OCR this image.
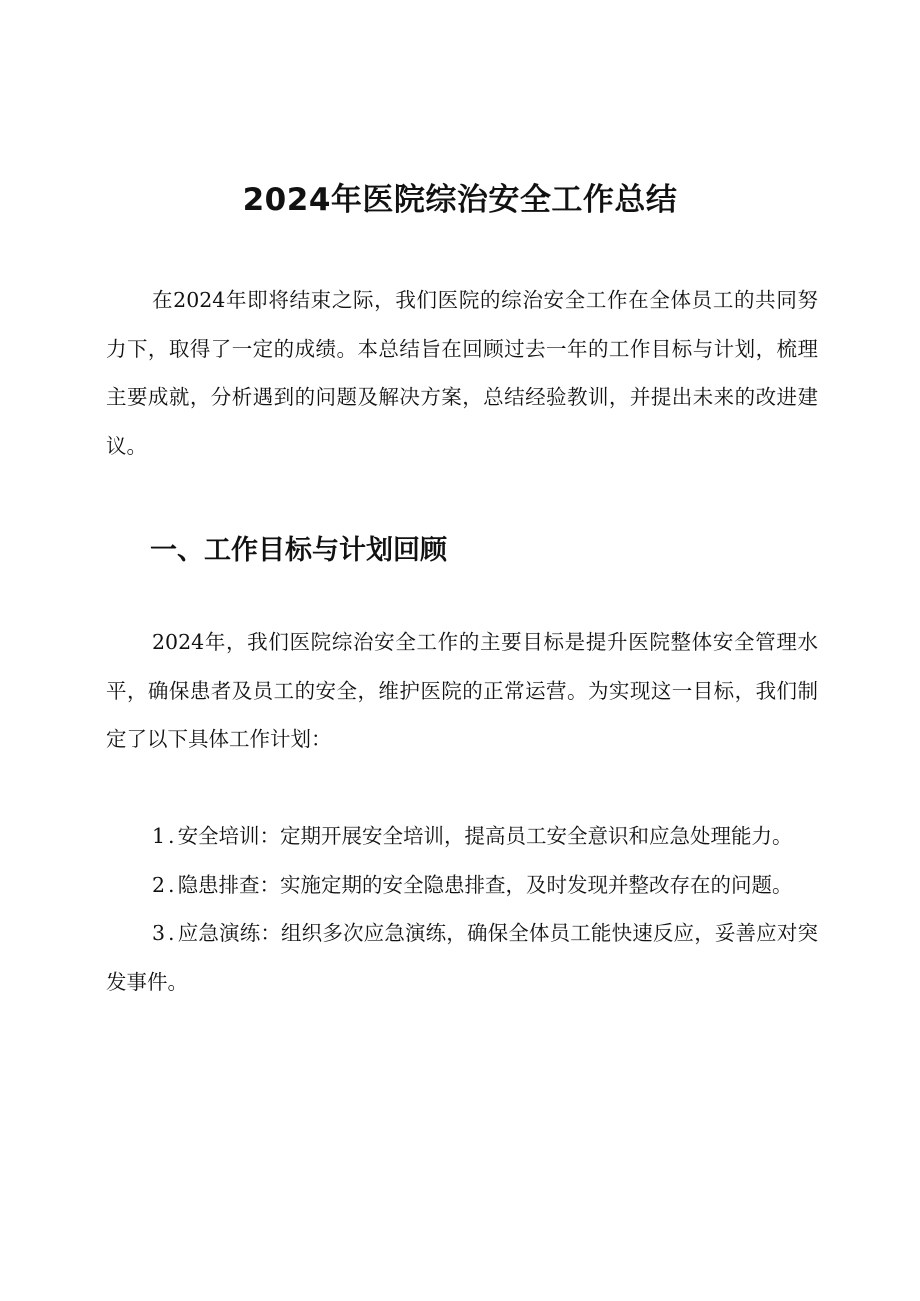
2024年医院综治安全工作总结

在2024年即将结束之际，我们医院的综治安全工作在全体员工的共同努力下，取得了一定的成绩。本总结旨在回顾过去一年的工作目标与计划，梳理主要成就，分析遇到的问题及解决方案，总结经验教训，并提出未来的改进建议。

一、工作目标与计划回顾

2024年，我们医院综治安全工作的主要目标是提升医院整体安全管理水平，确保患者及员工的安全，维护医院的正常运营。为实现这一目标，我们制定了以下具体工作计划：

1.安全培训：定期开展安全培训，提高员工安全意识和应急处理能力。
2.隐患排查：实施定期的安全隐患排查，及时发现并整改存在的问题。
3.应急演练：组织多次应急演练，确保全体员工能快速反应，妥善应对突发事件。
